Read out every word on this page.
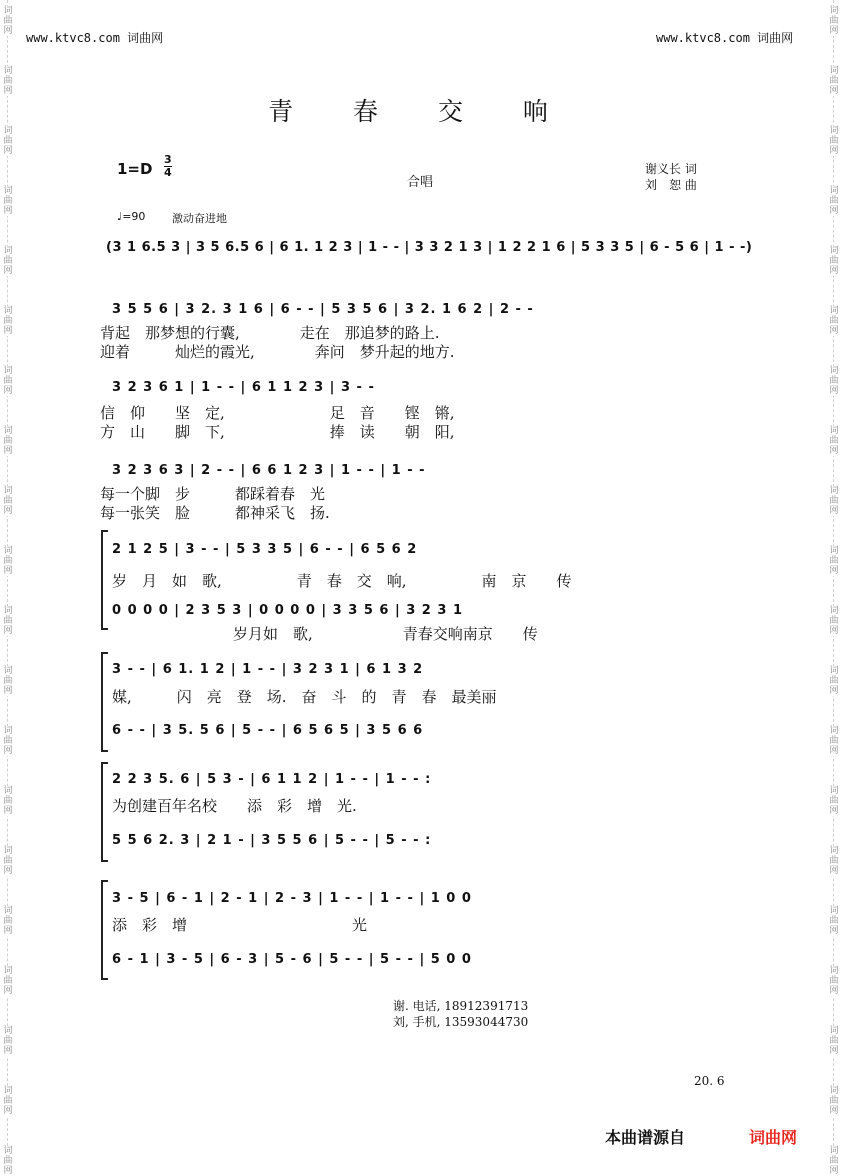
词
曲
网
词
曲
网
词
曲
网
词
曲
网
词
曲
网
词
曲
网
词
曲
网
词
曲
网
词
曲
网
词
曲
网
词
曲
网
词
曲
网
词
曲
网
词
曲
网
词
曲
网
词
曲
网
词
曲
网
词
曲
网
词
曲
网
词
曲
网
词
曲
网
词
曲
网
词
曲
网
词
曲
网
词
曲
网
词
曲
网
词
曲
网
词
曲
网
词
曲
网
词
曲
网
词
曲
网
词
曲
网
词
曲
网
词
曲
网
词
曲
网
词
曲
网
词
曲
网
词
曲
网
词
曲
网
词
曲
网
www.ktvc8.com 词曲网	www.ktvc8.com 词曲网
青 春 交 响
1=D
3
4
合唱
谢义长 词
刘　恕 曲
♩=90 激动奋进地
(3 1 6.5 3 | 3 5 6.5 6 | 6 1. 1 2 3 | 1 - - | 3 3 2 1 3 | 1 2 2 1 6 | 5 3 3 5 | 6 - 5 6 | 1 - -)
3 5 5 6 | 3 2. 3 1 6 | 6 - - | 5 3 5 6 | 3 2. 1 6 2 | 2 - -
背起　那梦想的行囊,　　　　走在　那追梦的路上.
迎着　　　灿烂的霞光,　　　　奔问　梦升起的地方.
3 2 3 6 1 | 1 - - | 6 1 1 2 3 | 3 - -
信　仰　　坚　定,　　　　　　　足　音　　铿　锵,
方　山　　脚　下,　　　　　　　捧　读　　朝　阳,
3 2 3 6 3 | 2 - - | 6 6 1 2 3 | 1 - - | 1 - -
每一个脚　步　　　都踩着春　光
每一张笑　脸　　　都神采飞　扬.
2 1 2 5 | 3 - - | 5 3 3 5 | 6 - - | 6 5 6 2
岁　月　如　歌,　　　　　青　春　交　响,　　　　　南　京　　传
0 0 0 0 | 2 3 5 3 | 0 0 0 0 | 3 3 5 6 | 3 2 3 1
岁月如　歌,　　　　　　青春交响南京　　传
3 - - | 6 1. 1 2 | 1 - - | 3 2 3 1 | 6 1 3 2
媒,　　　闪　亮　登　场.　奋　斗　的　青　春　最美丽
6 - - | 3 5. 5 6 | 5 - - | 6 5 6 5 | 3 5 6 6
2 2 3 5. 6 | 5 3 - | 6 1 1 2 | 1 - - | 1 - - :
为创建百年名校　　添　彩　增　光.
5 5 6 2. 3 | 2 1 - | 3 5 5 6 | 5 - - | 5 - - :
3 - 5 | 6 - 1 | 2 - 1 | 2 - 3 | 1 - - | 1 - - | 1 0 0
添　彩　增　　　　　　　　　　　光
6 - 1 | 3 - 5 | 6 - 3 | 5 - 6 | 5 - - | 5 - - | 5 0 0
谢. 电话, 18912391713
刘, 手机, 13593044730
20. 6
本曲谱源自	词曲网
